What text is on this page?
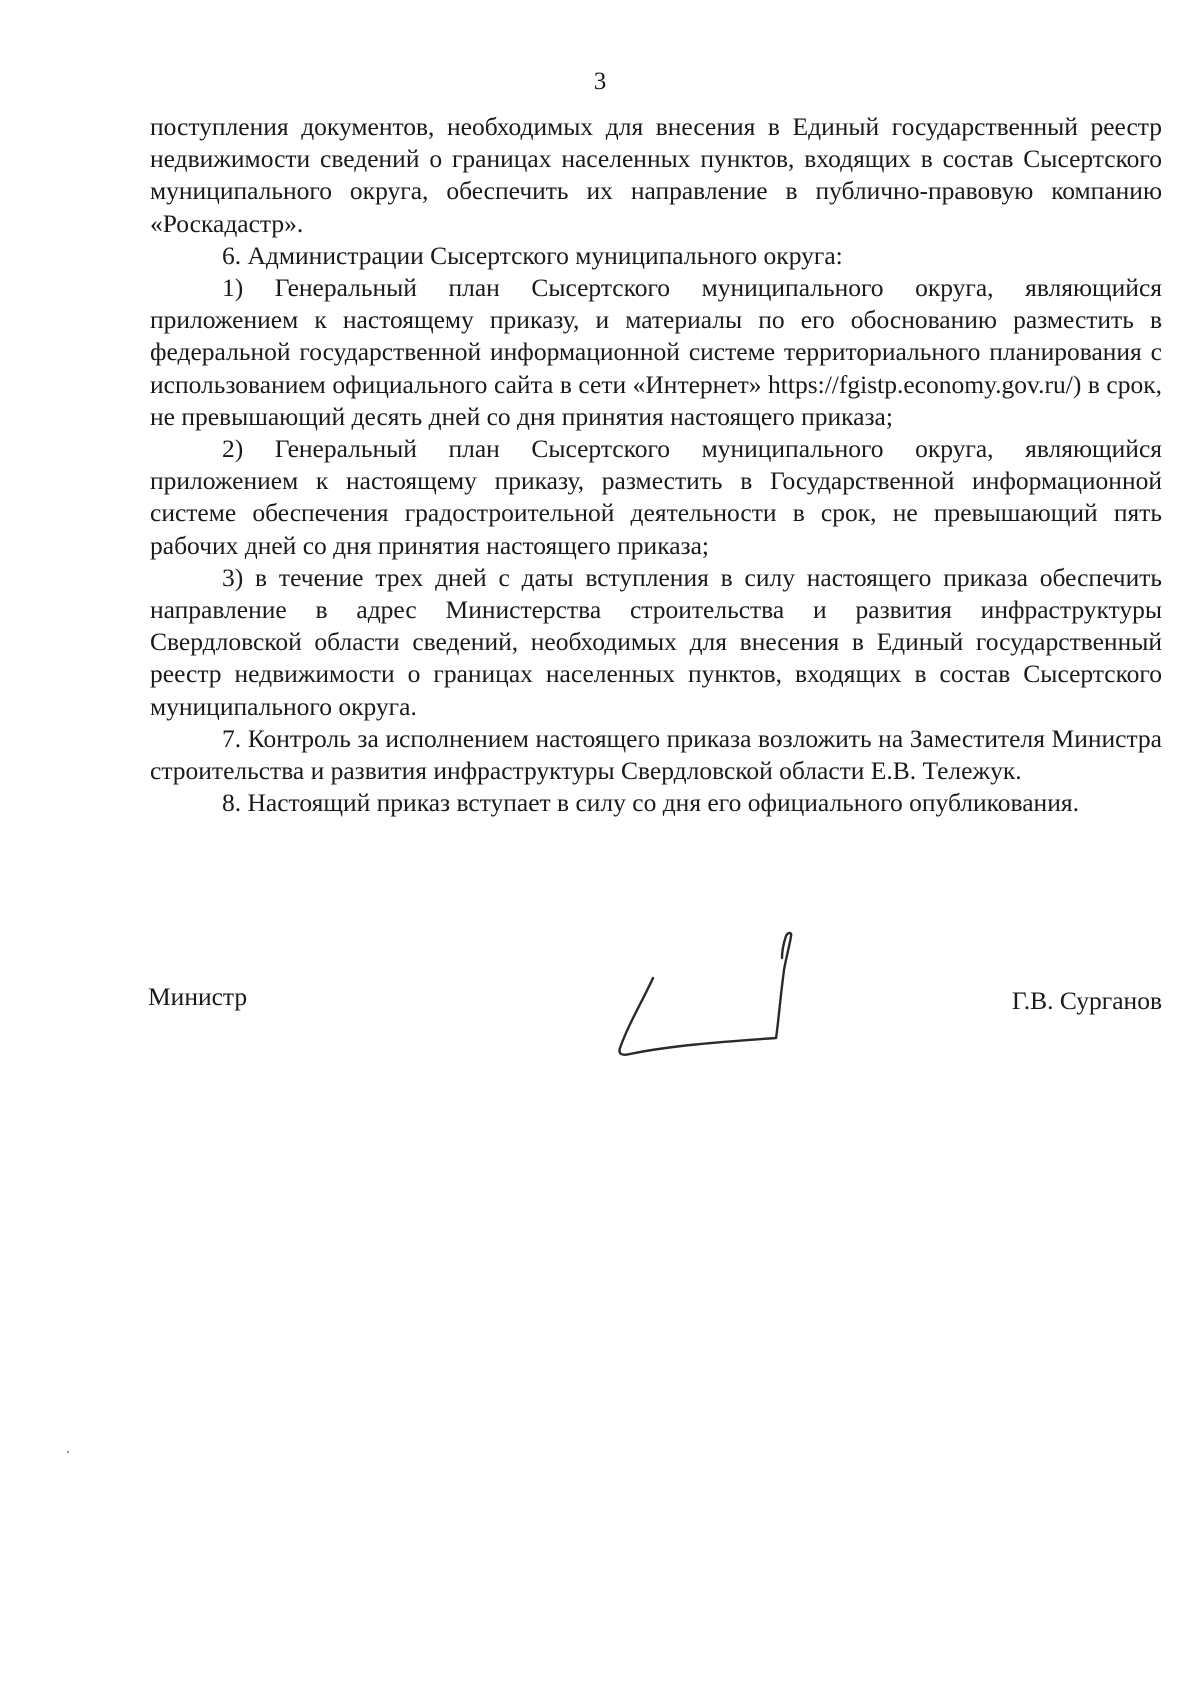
3

поступления документов, необходимых для внесения в Единый государственный реестр недвижимости сведений о границах населенных пунктов, входящих в состав Сысертского муниципального округа, обеспечить их направление в публично-правовую компанию «Роскадастр».

6. Администрации Сысертского муниципального округа:

1) Генеральный план Сысертского муниципального округа, являющийся приложением к настоящему приказу, и материалы по его обоснованию разместить в федеральной государственной информационной системе территориального планирования с использованием официального сайта в сети «Интернет» https://fgistp.economy.gov.ru/) в срок, не превышающий десять дней со дня принятия настоящего приказа;

2) Генеральный план Сысертского муниципального округа, являющийся приложением к настоящему приказу, разместить в Государственной информационной системе обеспечения градостроительной деятельности в срок, не превышающий пять рабочих дней со дня принятия настоящего приказа;

3) в течение трех дней с даты вступления в силу настоящего приказа обеспечить направление в адрес Министерства строительства и развития инфраструктуры Свердловской области сведений, необходимых для внесения в Единый государственный реестр недвижимости о границах населенных пунктов, входящих в состав Сысертского муниципального округа.

7. Контроль за исполнением настоящего приказа возложить на Заместителя Министра строительства и развития инфраструктуры Свердловской области Е.В. Тележук.

8. Настоящий приказ вступает в силу со дня его официального опубликования.

Министр	Г.В. Сурганов
